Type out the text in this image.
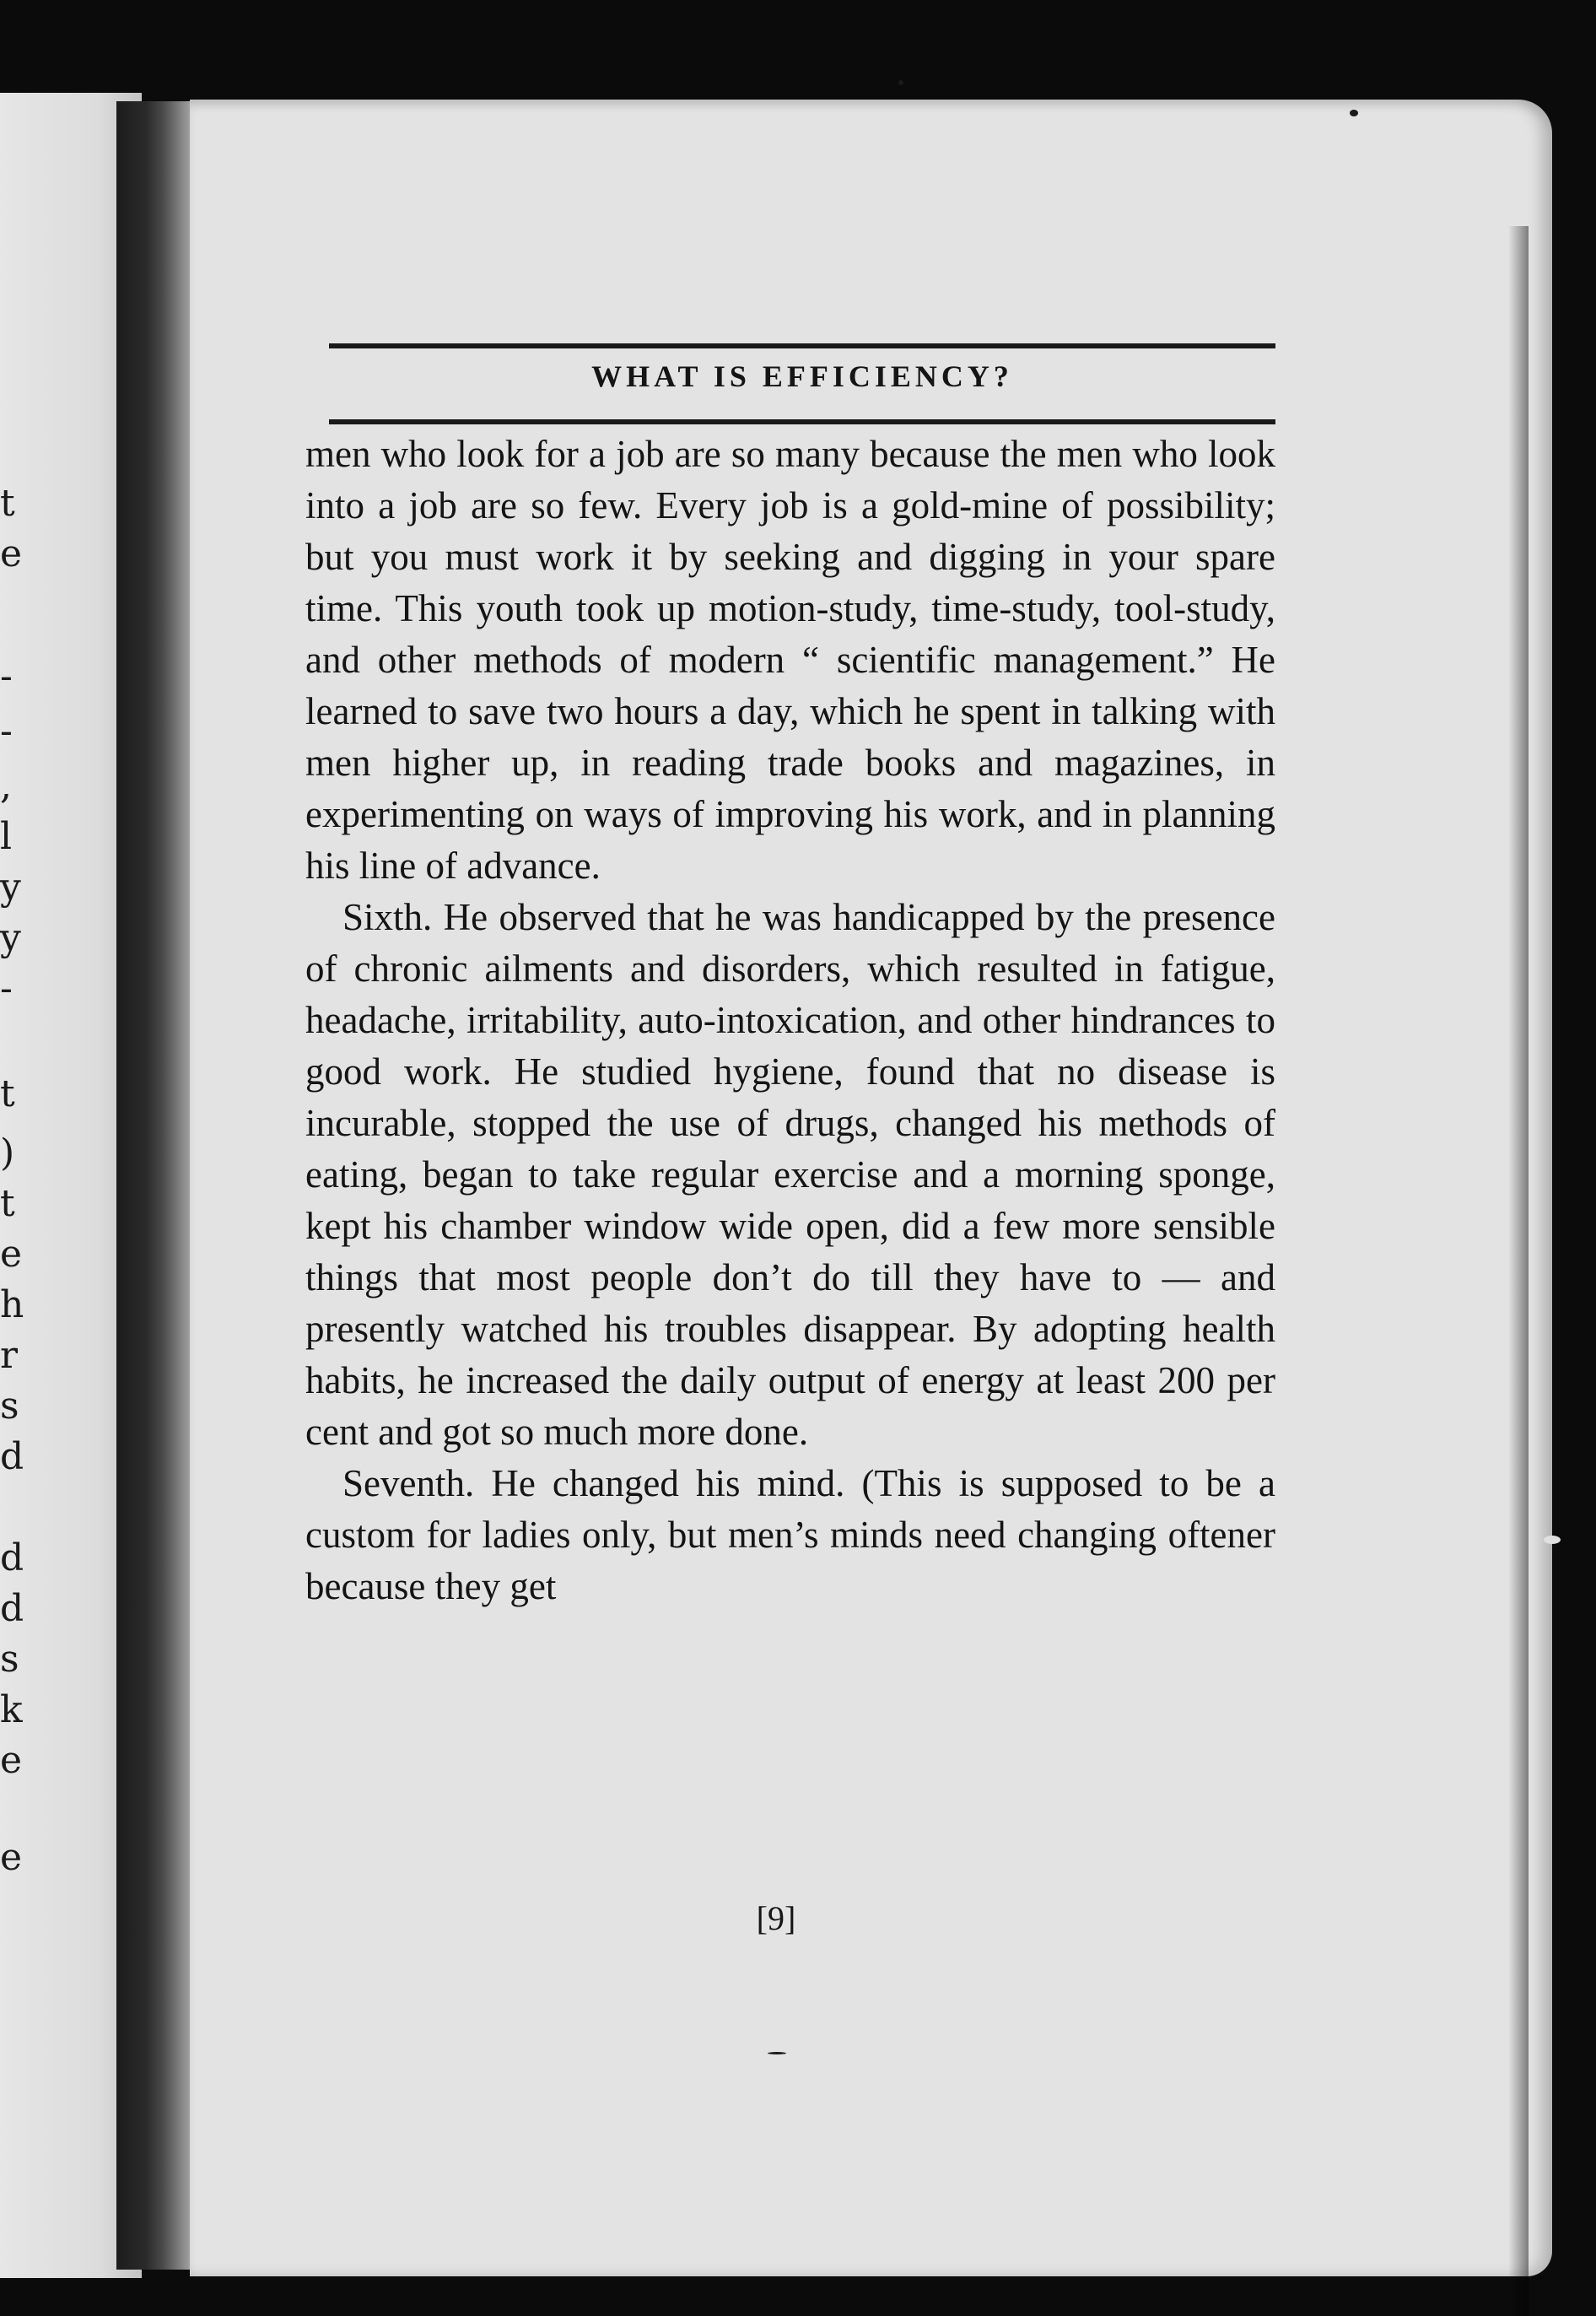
t
e
-
-
,
l
y
y
-
t
)
t
e
h
r
s
d
d
d
s
k
e
e
WHAT IS EFFICIENCY?

men who look for a job are so many because the men who look into a job are so few. Every job is a gold-mine of possibility; but you must work it by seeking and digging in your spare time. This youth took up motion-study, time-study, tool-study, and other methods of modern “ scientific management.” He learned to save two hours a day, which he spent in talking with men higher up, in reading trade books and magazines, in experimenting on ways of improving his work, and in planning his line of advance.

Sixth. He observed that he was handicapped by the presence of chronic ailments and disorders, which resulted in fatigue, headache, irritability, auto-intoxication, and other hindrances to good work. He studied hygiene, found that no disease is incurable, stopped the use of drugs, changed his methods of eating, began to take regular exercise and a morning sponge, kept his chamber window wide open, did a few more sensible things that most people don’t do till they have to — and presently watched his troubles disappear. By adopting health habits, he increased the daily output of energy at least 200 per cent and got so much more done.

Seventh. He changed his mind. (This is supposed to be a custom for ladies only, but men’s minds need changing oftener because they get

[9]
